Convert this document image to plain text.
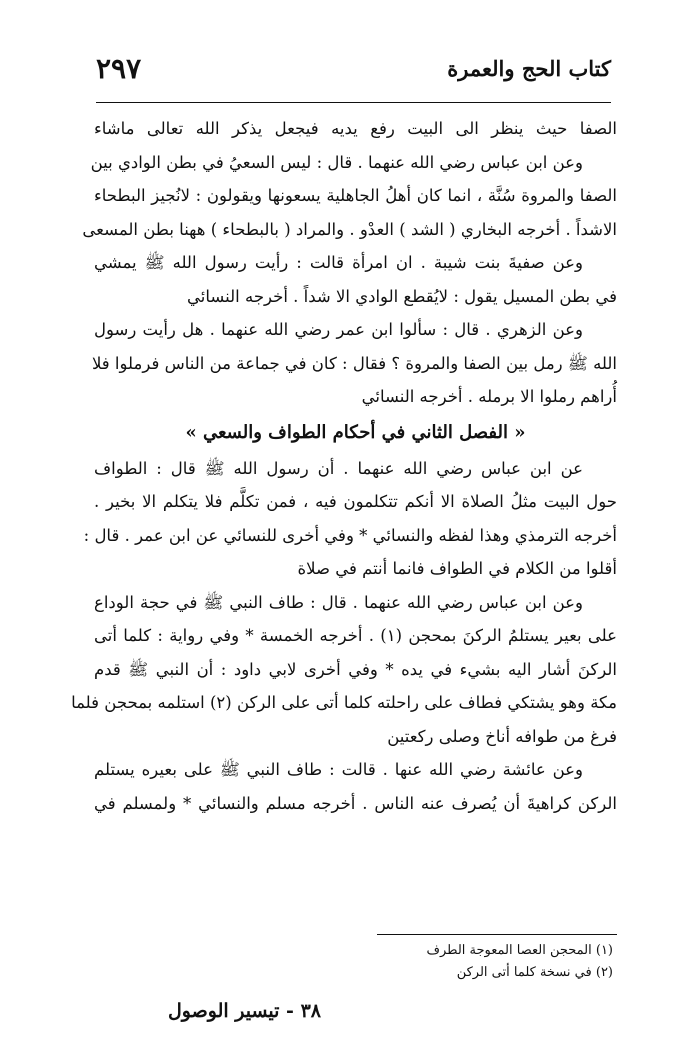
كتاب الحج والعمرة
٢٩٧
الصفا حيث ينظر الى البيت رفع يديه فيجعل يذكر الله تعالى ماشاء
وعن ابن عباس رضي الله عنهما . قال : ليس السعيُ في بطن الوادي بين
الصفا والمروة سُنَّة ، انما كان أهلُ الجاهلية يسعونها ويقولون : لانُجيز البطحاء
الاشداً . أخرجه البخاري ( الشد ) العدْو . والمراد ( بالبطحاء ) ههنا بطن المسعى
وعن صفيةَ بنت شيبة . ان امرأة قالت : رأيت رسول الله ﷺ يمشي
في بطن المسيل يقول : لايُقطع الوادي الا شداً . أخرجه النسائي
وعن الزهري . قال : سألوا ابن عمر رضي الله عنهما . هل رأيت رسول
الله ﷺ رمل بين الصفا والمروة ؟ فقال : كان في جماعة من الناس فرملوا فلا
أُراهم رملوا الا برمله . أخرجه النسائي
« الفصل الثاني في أحكام الطواف والسعي »
عن ابن عباس رضي الله عنهما . أن رسول الله ﷺ قال : الطواف
حول البيت مثلُ الصلاة الا أنكم تتكلمون فيه ، فمن تكلَّم فلا يتكلم الا بخير .
أخرجه الترمذي وهذا لفظه والنسائي * وفي أخرى للنسائي عن ابن عمر . قال :
أقلوا من الكلام في الطواف فانما أنتم في صلاة
وعن ابن عباس رضي الله عنهما . قال : طاف النبي ﷺ في حجة الوداع
على بعير يستلمُ الركنَ بمحجن (١) . أخرجه الخمسة * وفي رواية : كلما أتى
الركنَ أشار اليه بشيء في يده * وفي أخرى لابي داود : أن النبي ﷺ قدم
مكة وهو يشتكي فطاف على راحلته كلما أتى على الركن (٢) استلمه بمحجن فلما
فرغ من طوافه أناخ وصلى ركعتين
وعن عائشة رضي الله عنها . قالت : طاف النبي ﷺ على بعيره يستلم
الركن كراهيةَ أن يُصرف عنه الناس . أخرجه مسلم والنسائي * ولمسلم في
(١) المحجن العصا المعوجة الطرف
(٢) في نسخة كلما أتى الركن
٣٨ - تيسير الوصول
